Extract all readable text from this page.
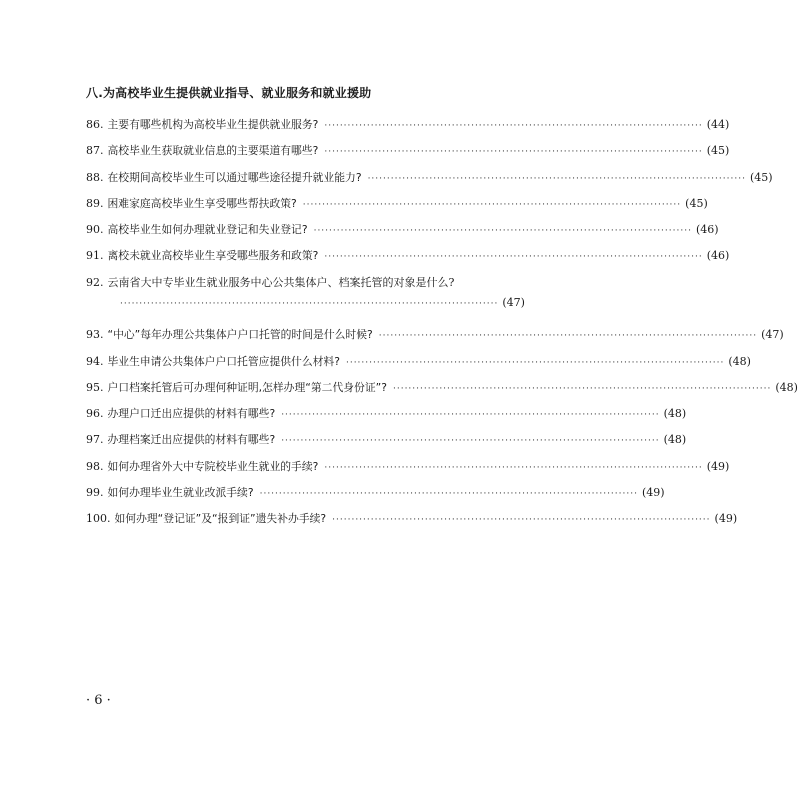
八.为高校毕业生提供就业指导、就业服务和就业援助
86. 主要有哪些机构为高校毕业生提供就业服务? ·································································································· (44)
87. 高校毕业生获取就业信息的主要渠道有哪些? ·································································································· (45)
88. 在校期间高校毕业生可以通过哪些途径提升就业能力? ·································································································· (45)
89. 困难家庭高校毕业生享受哪些帮扶政策? ·································································································· (45)
90. 高校毕业生如何办理就业登记和失业登记? ·································································································· (46)
91. 离校未就业高校毕业生享受哪些服务和政策? ·································································································· (46)
92. 云南省大中专毕业生就业服务中心公共集体户、档案托管的对象是什么?
·································································································· (47)
93. “中心”每年办理公共集体户户口托管的时间是什么时候? ·································································································· (47)
94. 毕业生申请公共集体户户口托管应提供什么材料? ·································································································· (48)
95. 户口档案托管后可办理何种证明,怎样办理“第二代身份证”? ·································································································· (48)
96. 办理户口迁出应提供的材料有哪些? ·································································································· (48)
97. 办理档案迁出应提供的材料有哪些? ·································································································· (48)
98. 如何办理省外大中专院校毕业生就业的手续? ·································································································· (49)
99. 如何办理毕业生就业改派手续? ·································································································· (49)
100. 如何办理“登记证”及“报到证”遗失补办手续? ·································································································· (49)
· 6 ·
